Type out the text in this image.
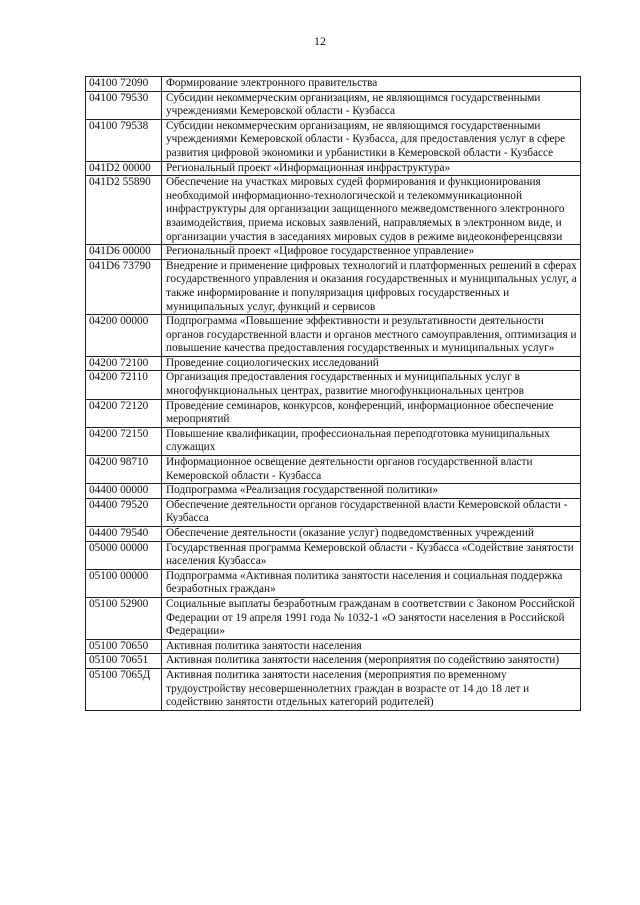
12
04100 72090	Формирование электронного правительства
04100 79530	Субсидии некоммерческим организациям, не являющимся государственными учреждениями Кемеровской области - Кузбасса
04100 79538	Субсидии некоммерческим организациям, не являющимся государственными учреждениями Кемеровской области - Кузбасса, для предоставления услуг в сфере развития цифровой экономики и урбанистики в Кемеровской области - Кузбассе
041D2 00000	Региональный проект «Информационная инфраструктура»
041D2 55890	Обеспечение на участках мировых судей формирования и функционирования необходимой информационно-технологической и телекоммуникационной инфраструктуры для организации защищенного межведомственного электронного взаимодействия, приема исковых заявлений, направляемых в электронном виде, и организации участия в заседаниях мировых судов в режиме видеоконференцсвязи
041D6 00000	Региональный проект «Цифровое государственное управление»
041D6 73790	Внедрение и применение цифровых технологий и платформенных решений в сферах государственного управления и оказания государственных и муниципальных услуг, а также информирование и популяризация цифровых государственных и муниципальных услуг, функций и сервисов
04200 00000	Подпрограмма «Повышение эффективности и результативности деятельности органов государственной власти и органов местного самоуправления, оптимизация и повышение качества предоставления государственных и муниципальных услуг»
04200 72100	Проведение социологических исследований
04200 72110	Организация предоставления государственных и муниципальных услуг в многофункциональных центрах, развитие многофункциональных центров
04200 72120	Проведение семинаров, конкурсов, конференций, информационное обеспечение мероприятий
04200 72150	Повышение квалификации, профессиональная переподготовка муниципальных служащих
04200 98710	Информационное освещение деятельности органов государственной власти Кемеровской области - Кузбасса
04400 00000	Подпрограмма «Реализация государственной политики»
04400 79520	Обеспечение деятельности органов государственной власти Кемеровской области - Кузбасса
04400 79540	Обеспечение деятельности (оказание услуг) подведомственных учреждений
05000 00000	Государственная программа Кемеровской области - Кузбасса «Содействие занятости населения Кузбасса»
05100 00000	Подпрограмма «Активная политика занятости населения и социальная поддержка безработных граждан»
05100 52900	Социальные выплаты безработным гражданам в соответствии с Законом Российской Федерации от 19 апреля 1991 года № 1032-1 «О занятости населения в Российской Федерации»
05100 70650	Активная политика занятости населения
05100 70651	Активная политика занятости населения (мероприятия по содействию занятости)
05100 7065Д	Активная политика занятости населения (мероприятия по временному трудоустройству несовершеннолетних граждан в возрасте от 14 до 18 лет и содействию занятости отдельных категорий родителей)
